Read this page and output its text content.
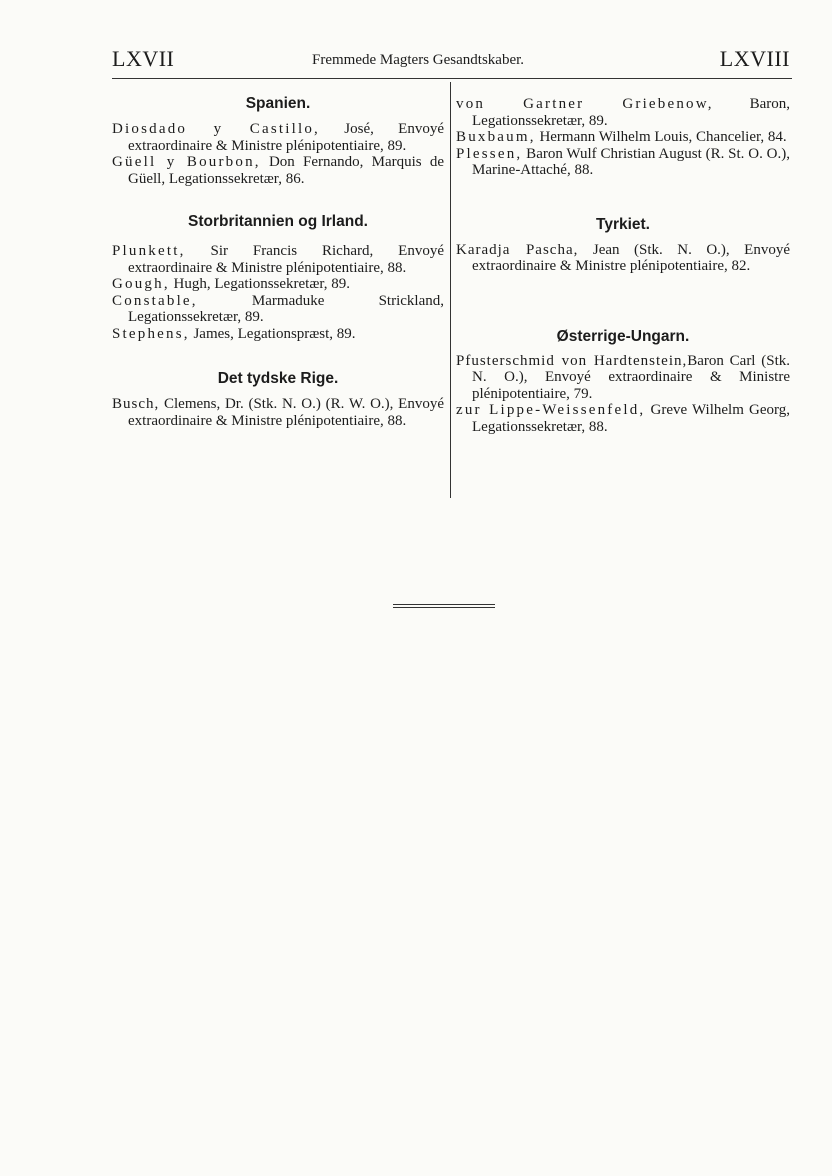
LXVII	Fremmede Magters Gesandtskaber.	LXVIII
Spanien.

Diosdado y Castillo, José, Envoyé extraordinaire & Ministre plénipotentiaire, 89.

Güell y Bourbon, Don Fernando, Marquis de Güell, Legationssekretær, 86.

Storbritannien og Irland.

Plunkett, Sir Francis Richard, Envoyé extraordinaire & Ministre plénipotentiaire, 88.

Gough, Hugh, Legationssekretær, 89.

Constable, Marmaduke Strickland, Legationssekretær, 89.

Stephens, James, Legationspræst, 89.

Det tydske Rige.

Busch, Clemens, Dr. (Stk. N. O.) (R. W. O.), Envoyé extraordinaire & Ministre plénipotentiaire, 88.

von Gartner Griebenow, Baron, Legationssekretær, 89.

Buxbaum, Hermann Wilhelm Louis, Chancelier, 84.

Plessen, Baron Wulf Christian August (R. St. O. O.), Marine-Attaché, 88.

Tyrkiet.

Karadja Pascha, Jean (Stk. N. O.), Envoyé extraordinaire & Ministre plénipotentiaire, 82.

Østerrige-Ungarn.

Pfusterschmid von Hardtenstein,Baron Carl (Stk. N. O.), Envoyé extraordinaire & Ministre plénipotentiaire, 79.

zur Lippe-Weissenfeld, Greve Wilhelm Georg, Legationssekretær, 88.
